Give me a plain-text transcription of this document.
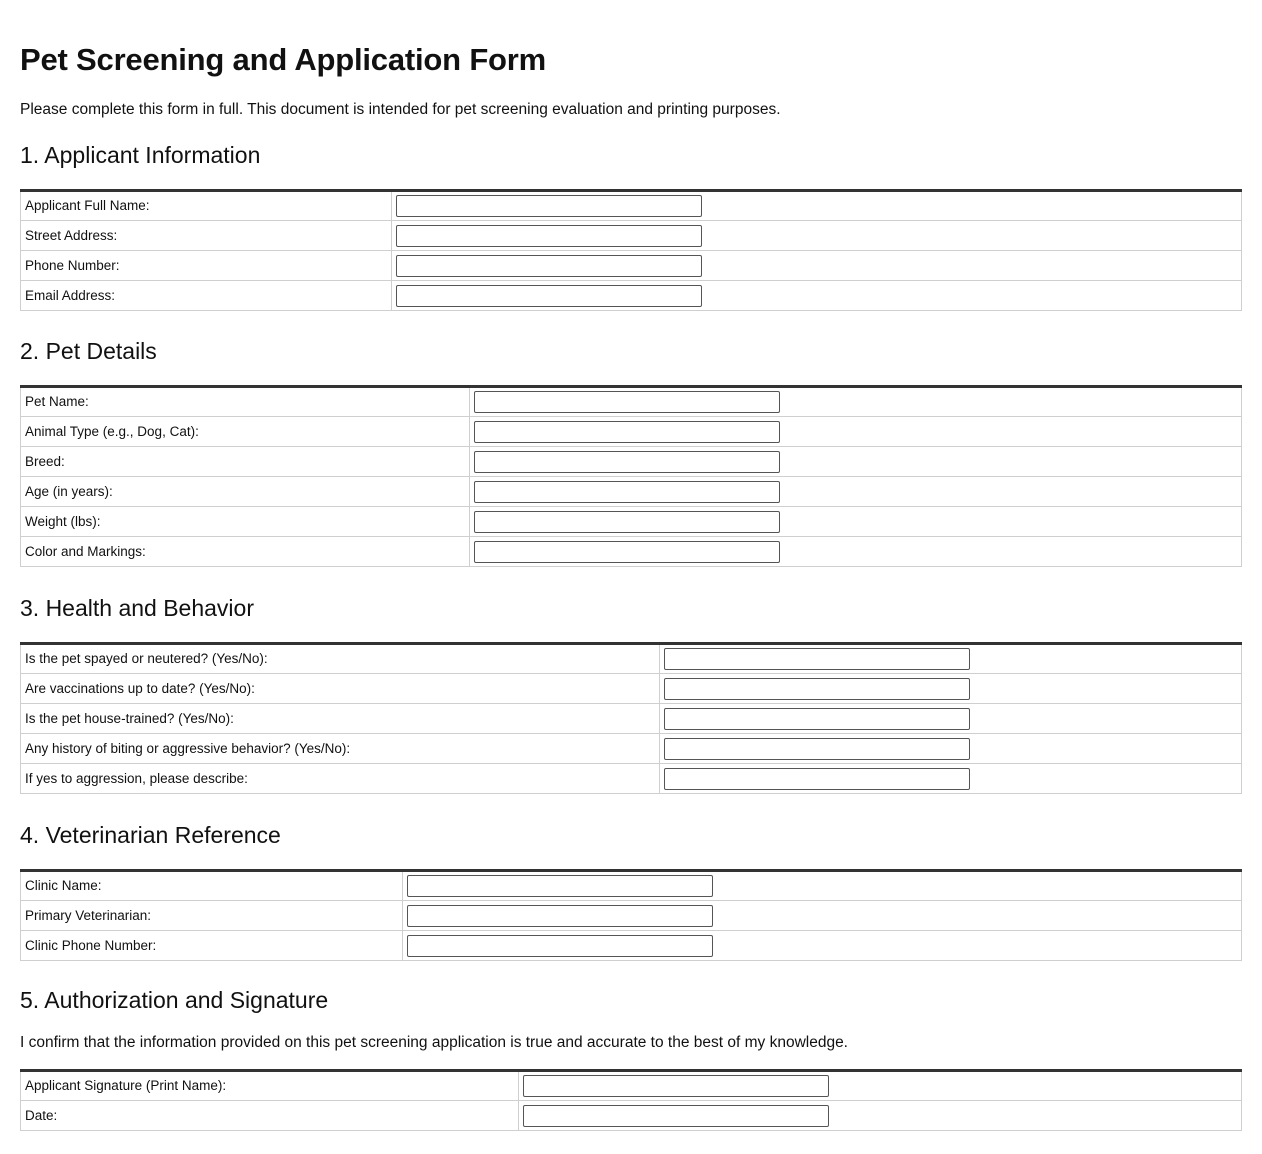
Pet Screening and Application Form

Please complete this form in full. This document is intended for pet screening evaluation and printing purposes.

1. Applicant Information
Applicant Full Name:	

Street Address:	

Phone Number:	

Email Address:	
2. Pet Details
Pet Name:	

Animal Type (e.g., Dog, Cat):	

Breed:	

Age (in years):	

Weight (lbs):	

Color and Markings:	
3. Health and Behavior
Is the pet spayed or neutered? (Yes/No):	

Are vaccinations up to date? (Yes/No):	

Is the pet house-trained? (Yes/No):	

Any history of biting or aggressive behavior? (Yes/No):	

If yes to aggression, please describe:	
4. Veterinarian Reference
Clinic Name:	

Primary Veterinarian:	

Clinic Phone Number:	
5. Authorization and Signature

I confirm that the information provided on this pet screening application is true and accurate to the best of my knowledge.

Applicant Signature (Print Name):	

Date:	
